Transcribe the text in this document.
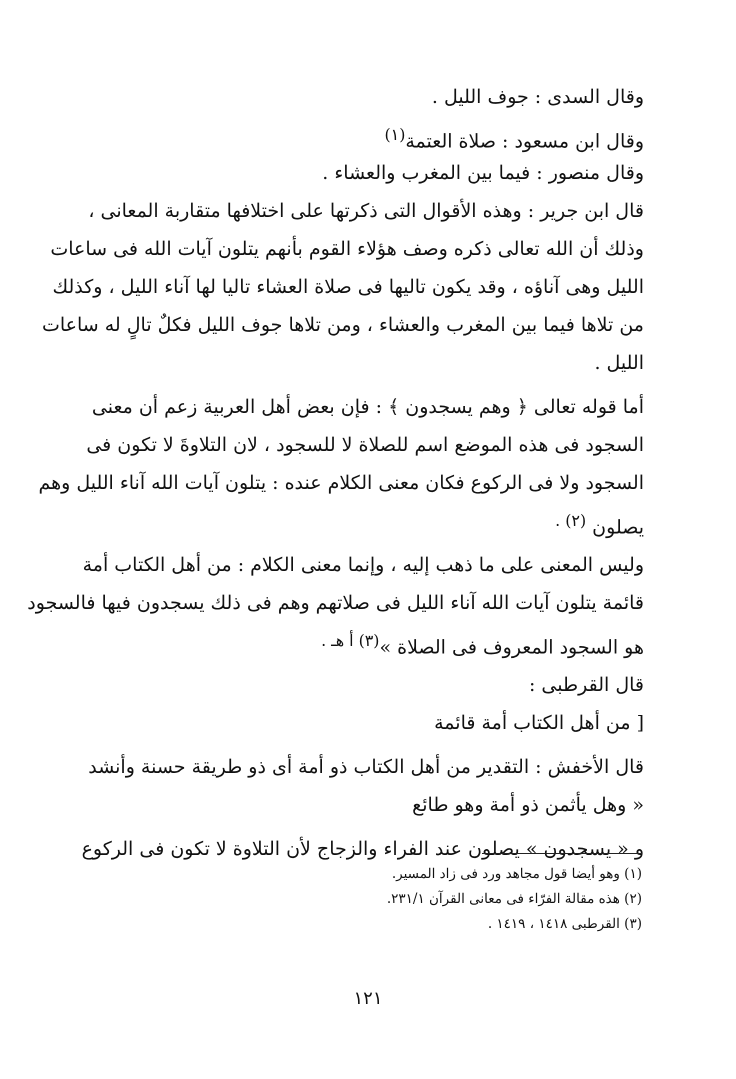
وقال السدى : جوف الليل .
وقال ابن مسعود : صلاة العتمة$^{(١)}$
وقال منصور : فيما بين المغرب والعشاء .
قال ابن جرير : وهذه الأقوال التى ذكرتها على اختلافها متقاربة المعانى ،
وذلك أن الله تعالى ذكره وصف هؤلاء القوم بأنهم يتلون آيات الله فى ساعات
الليل وهى آناؤه ، وقد يكون تاليها فى صلاة العشاء تاليا لها آناء الليل ، وكذلك
من تلاها فيما بين المغرب والعشاء ، ومن تلاها جوف الليل فكلٌ تالٍ له ساعات
الليل .
أما قوله تعالى ﴿ وهم يسجدون ﴾ : فإن بعض أهل العربية زعم أن معنى
السجود فى هذه الموضع اسم للصلاة لا للسجود ، لان التلاوةَ لا تكون فى
السجود ولا فى الركوع فكان معنى الكلام عنده : يتلون آيات الله آناء الليل وهم
يصلون $^{(٢) .}$
وليس المعنى على ما ذهب إليه ، وإنما معنى الكلام : من أهل الكتاب أمة
قائمة يتلون آيات الله آناء الليل فى صلاتهم وهم فى ذلك يسجدون فيها فالسجود
هو السجود المعروف فى الصلاة »$^{(٣) أ هـ .}$
قال القرطبى :
[ من أهل الكتاب أمة قائمة
قال الأخفش : التقدير من أهل الكتاب ذو أمة أى ذو طريقة حسنة وأنشد
« وهل يأثمن ذو أمة وهو طائع
و « يسجدون » يصلون عند الفراء والزجاج لأن التلاوة لا تكون فى الركوع
(١) وهو أيضا قول مجاهد ورد فى زاد المسير.
(٢) هذه مقالة الفرّاء فى معانى القرآن ٢٣١/١.
(٣) القرطبى ١٤١٨ ، ١٤١٩ .
١٢١
